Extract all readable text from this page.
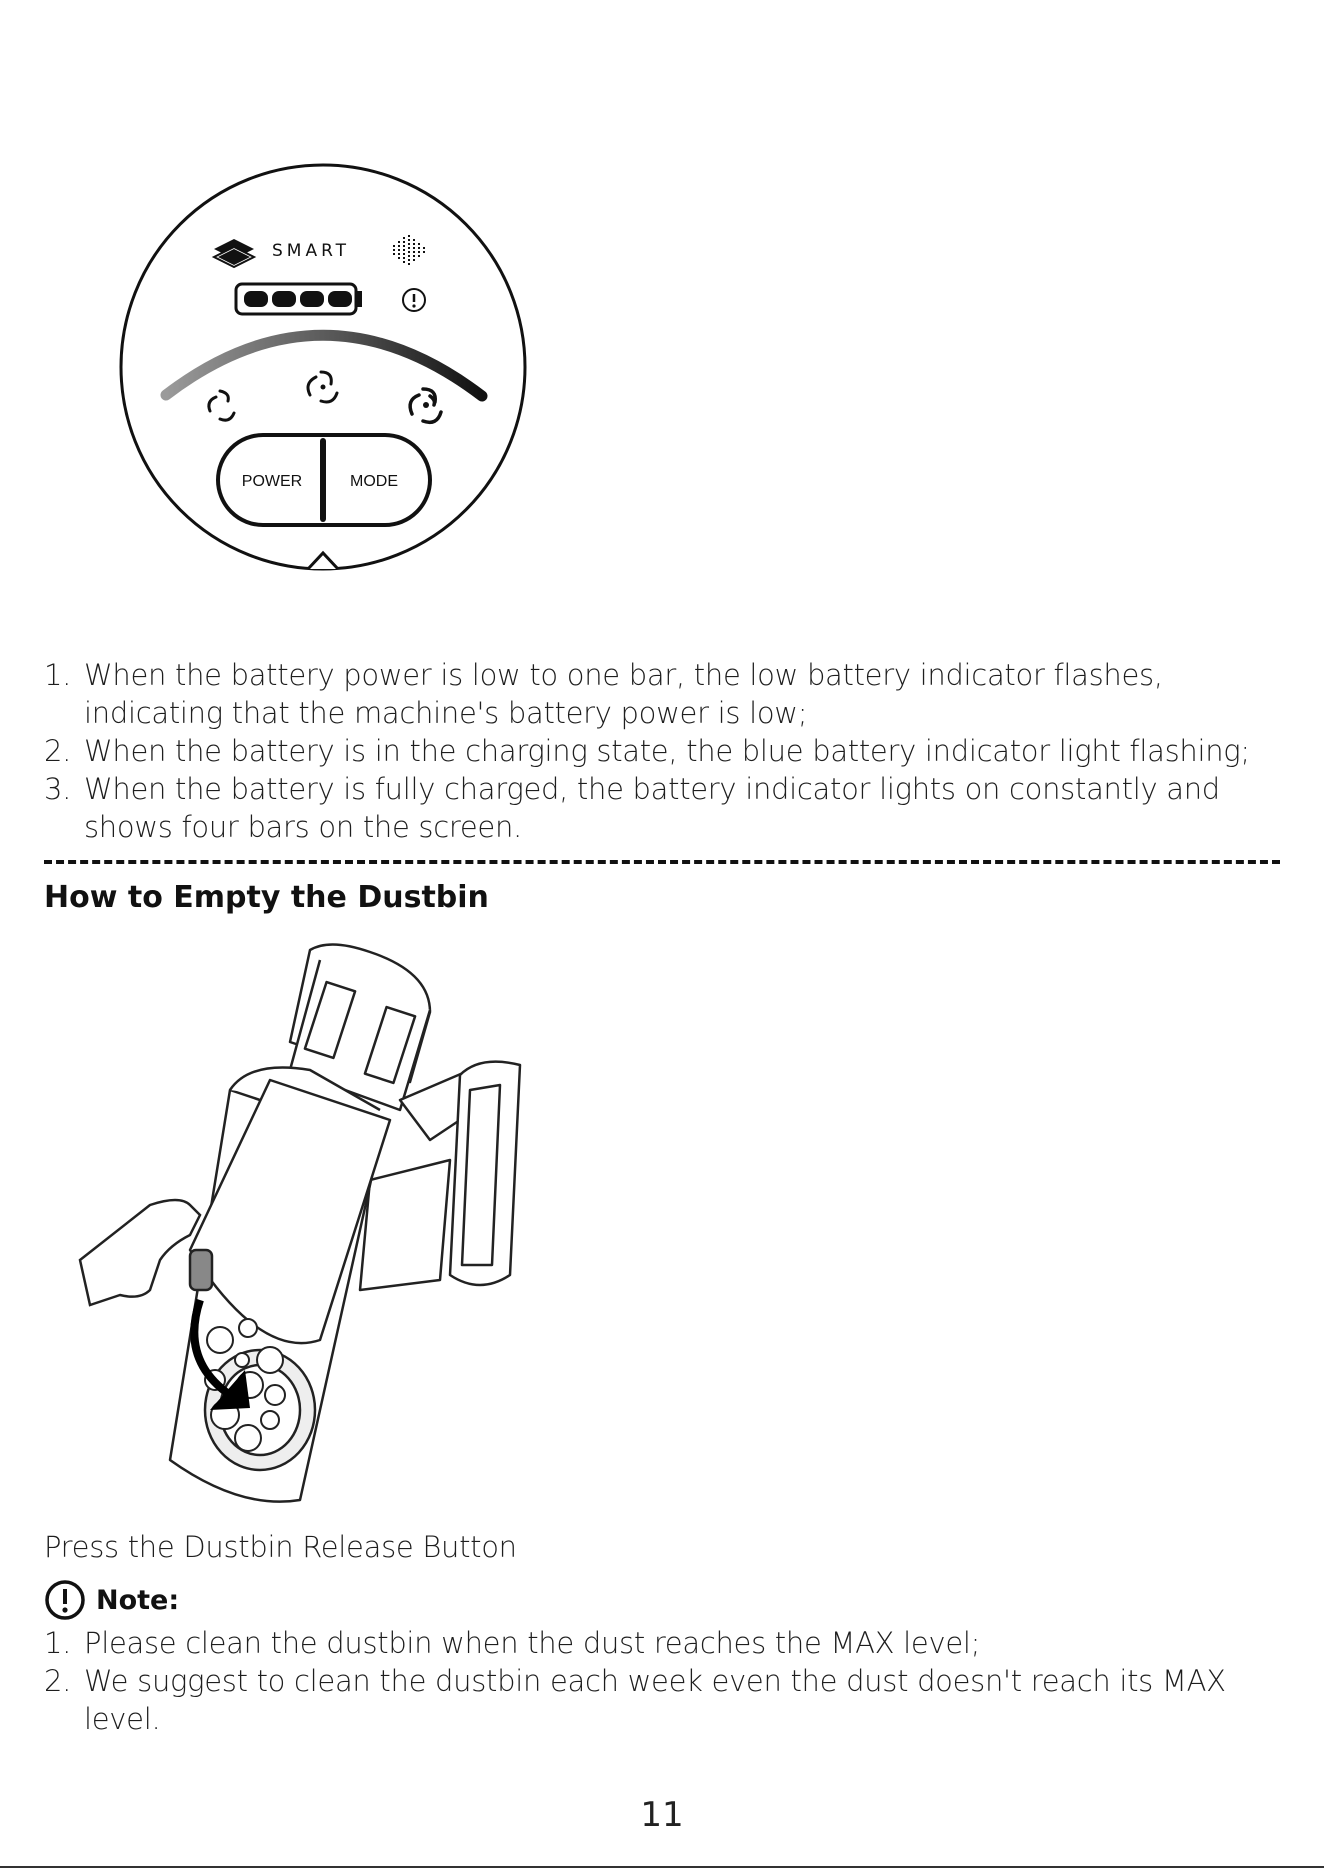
SMART
POWER	MODE
1. When the battery power is low to one bar, the low battery indicator flashes, indicating that the machine's battery power is low;
2. When the battery is in the charging state, the blue battery indicator light flashing;
3. When the battery is fully charged, the battery indicator lights on constantly and shows four bars on the screen.
How to Empty the Dustbin
Press the Dustbin Release Button
Note:
1. Please clean the dustbin when the dust reaches the MAX level;
2. We suggest to clean the dustbin each week even the dust doesn't reach its MAX level.
11
